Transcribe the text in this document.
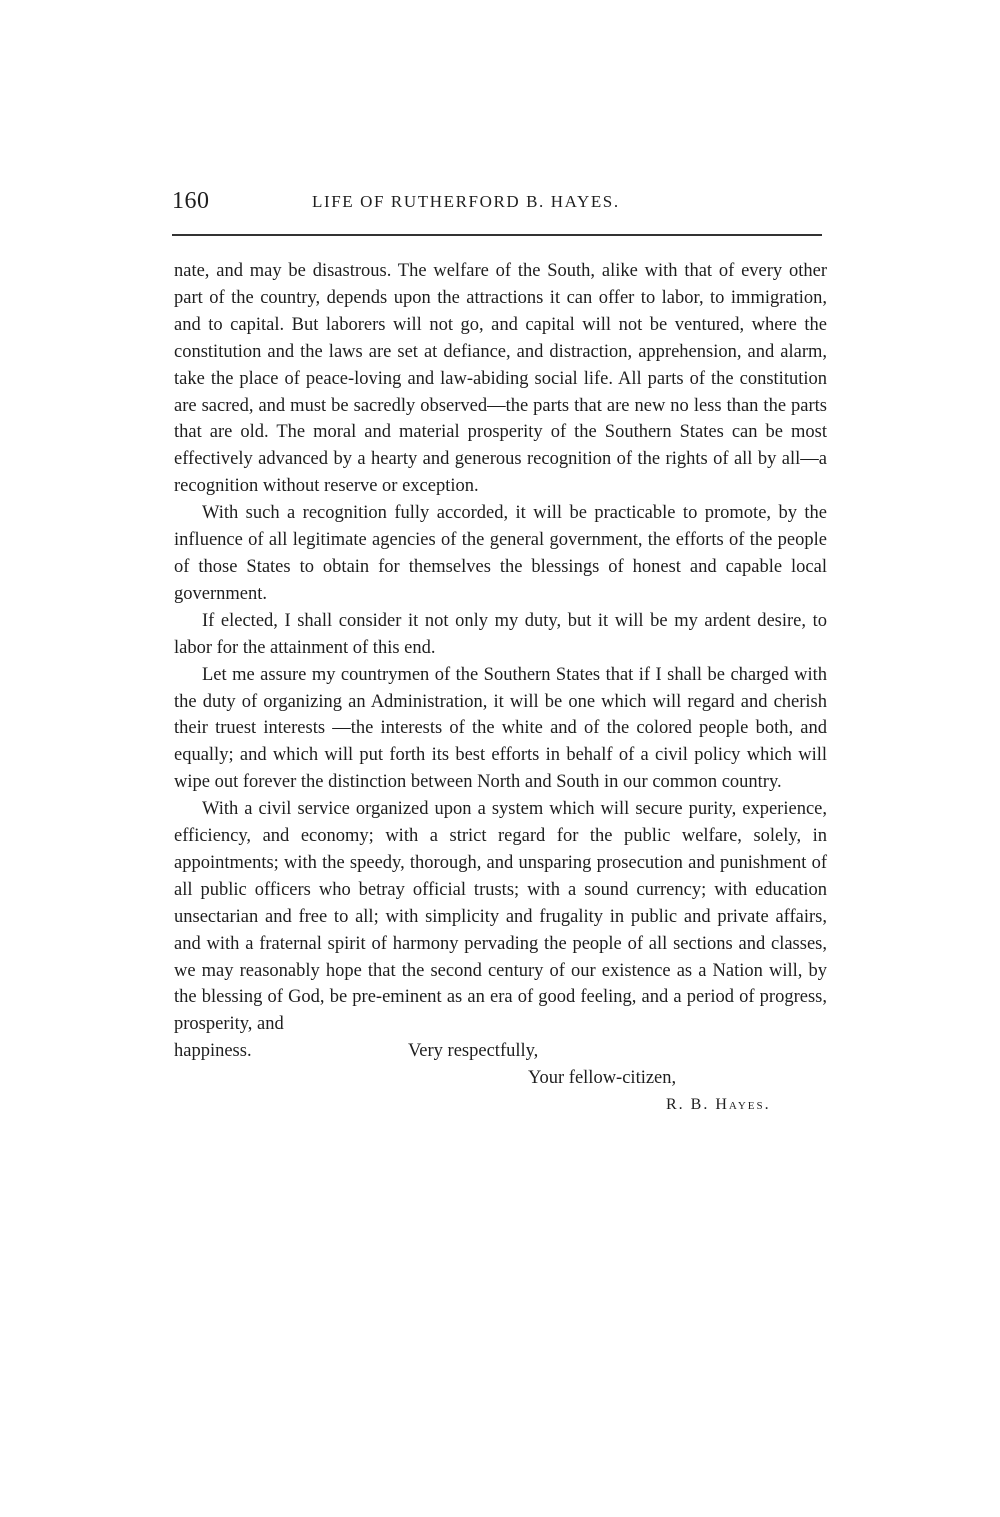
160	LIFE OF RUTHERFORD B. HAYES.

nate, and may be disastrous. The welfare of the South, alike with that of every other part of the country, depends upon the attractions it can offer to labor, to immigration, and to capital. But laborers will not go, and capital will not be ventured, where the constitution and the laws are set at defiance, and distraction, apprehension, and alarm, take the place of peace-loving and law-abiding social life. All parts of the constitution are sacred, and must be sacredly observed—the parts that are new no less than the parts that are old. The moral and material prosperity of the Southern States can be most effectively advanced by a hearty and generous recognition of the rights of all by all—a recognition without reserve or exception.

With such a recognition fully accorded, it will be practicable to promote, by the influence of all legitimate agencies of the general government, the efforts of the people of those States to obtain for themselves the blessings of honest and capable local government.

If elected, I shall consider it not only my duty, but it will be my ardent desire, to labor for the attainment of this end.

Let me assure my countrymen of the Southern States that if I shall be charged with the duty of organizing an Administration, it will be one which will regard and cherish their truest interests —the interests of the white and of the colored people both, and equally; and which will put forth its best efforts in behalf of a civil policy which will wipe out forever the distinction between North and South in our common country.

With a civil service organized upon a system which will secure purity, experience, efficiency, and economy; with a strict regard for the public welfare, solely, in appointments; with the speedy, thorough, and unsparing prosecution and punishment of all public officers who betray official trusts; with a sound currency; with education unsectarian and free to all; with simplicity and frugality in public and private affairs, and with a fraternal spirit of harmony pervading the people of all sections and classes, we may reasonably hope that the second century of our existence as a Nation will, by the blessing of God, be pre-eminent as an era of good feeling, and a period of progress, prosperity, and

happiness.	Very respectfully,
Your fellow-citizen,
R. B. Hayes.
